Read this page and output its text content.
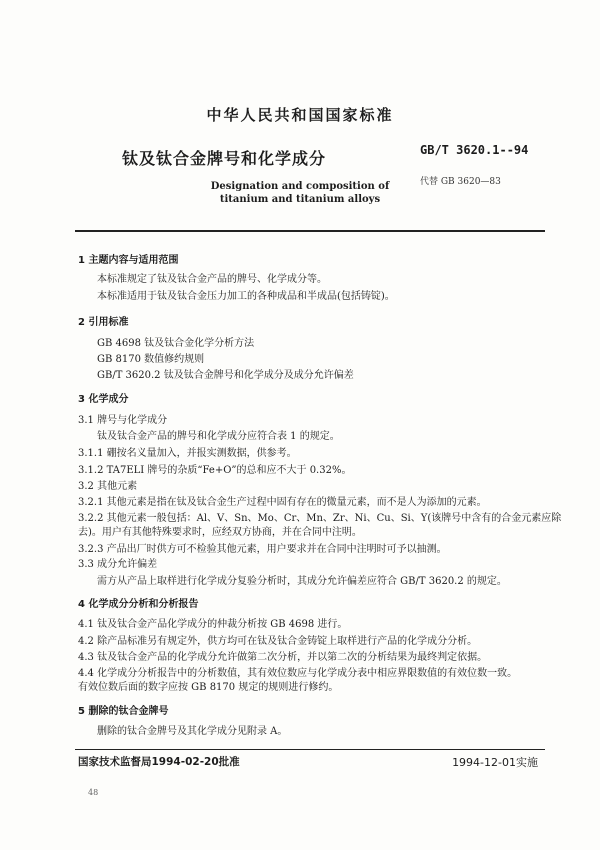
中华人民共和国国家标准
钛及钛合金牌号和化学成分	GB/T 3620.1--94
Designation and composition of
titanium and titanium alloys
代替 GB 3620—83
1 主题内容与适用范围
本标准规定了钛及钛合金产品的牌号、化学成分等。
本标准适用于钛及钛合金压力加工的各种成品和半成品(包括铸锭)。
2 引用标准
GB 4698 钛及钛合金化学分析方法
GB 8170 数值修约规则
GB/T 3620.2 钛及钛合金牌号和化学成分及成分允许偏差
3 化学成分
3.1 牌号与化学成分
钛及钛合金产品的牌号和化学成分应符合表 1 的规定。
3.1.1 硼按名义量加入，并报实测数据，供参考。
3.1.2 TA7ELI 牌号的杂质“Fe+O”的总和应不大于 0.32%。
3.2 其他元素
3.2.1 其他元素是指在钛及钛合金生产过程中固有存在的微量元素，而不是人为添加的元素。
3.2.2 其他元素一般包括：Al、V、Sn、Mo、Cr、Mn、Zr、Ni、Cu、Si、Y(该牌号中含有的合金元素应除
去)。用户有其他特殊要求时，应经双方协商，并在合同中注明。
3.2.3 产品出厂时供方可不检验其他元素，用户要求并在合同中注明时可予以抽测。
3.3 成分允许偏差
需方从产品上取样进行化学成分复验分析时，其成分允许偏差应符合 GB/T 3620.2 的规定。
4 化学成分分析和分析报告
4.1 钛及钛合金产品化学成分的仲裁分析按 GB 4698 进行。
4.2 除产品标准另有规定外，供方均可在钛及钛合金铸锭上取样进行产品的化学成分分析。
4.3 钛及钛合金产品的化学成分允许做第二次分析，并以第二次的分析结果为最终判定依据。
4.4 化学成分分析报告中的分析数值，其有效位数应与化学成分表中相应界限数值的有效位数一致。
有效位数后面的数字应按 GB 8170 规定的规则进行修约。
5 删除的钛合金牌号
删除的钛合金牌号及其化学成分见附录 A。
国家技术监督局1994-02-20批准	1994-12-01实施
48
